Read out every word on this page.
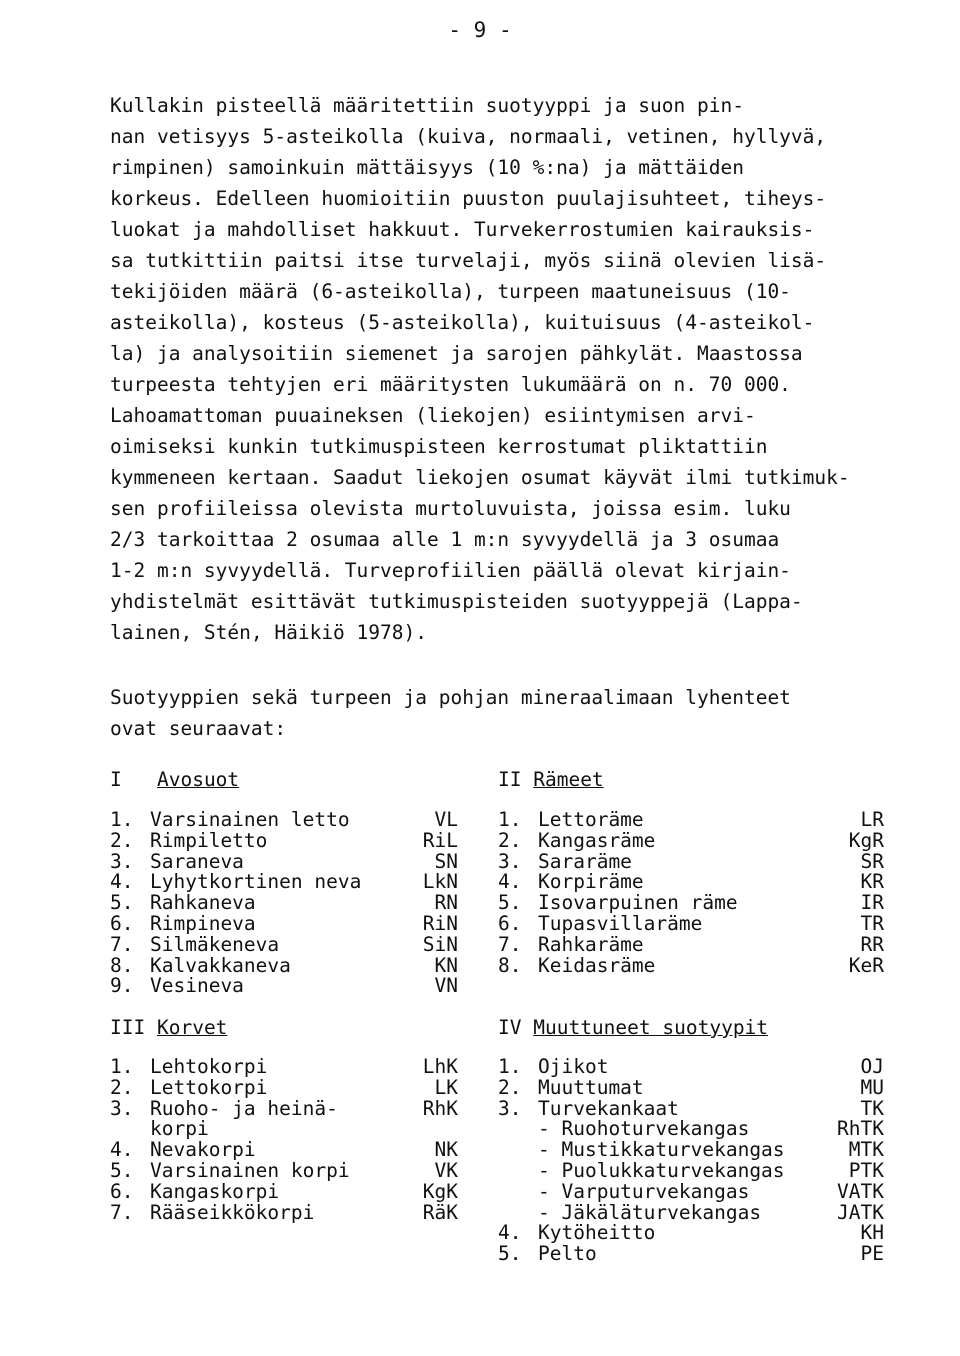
- 9 -

Kullakin pisteellä määritettiin suotyyppi ja suon pin-
nan vetisyys 5-asteikolla (kuiva, normaali, vetinen, hyllyvä,
rimpinen) samoinkuin mättäisyys (10 %:na) ja mättäiden
korkeus. Edelleen huomioitiin puuston puulajisuhteet, tiheys-
luokat ja mahdolliset hakkuut. Turvekerrostumien kairauksis-
sa tutkittiin paitsi itse turvelaji, myös siinä olevien lisä-
tekijöiden määrä (6-asteikolla), turpeen maatuneisuus (10-
asteikolla), kosteus (5-asteikolla), kuituisuus (4-asteikol-
la) ja analysoitiin siemenet ja sarojen pähkylät. Maastossa
turpeesta tehtyjen eri määritysten lukumäärä on n. 70 000.
Lahoamattoman puuaineksen (liekojen) esiintymisen arvi-
oimiseksi kunkin tutkimuspisteen kerrostumat pliktattiin
kymmeneen kertaan. Saadut liekojen osumat käyvät ilmi tutkimuk-
sen profiileissa olevista murtoluvuista, joissa esim. luku
2/3 tarkoittaa 2 osumaa alle 1 m:n syvyydellä ja 3 osumaa
1-2 m:n syvyydellä. Turveprofiilien päällä olevat kirjain-
yhdistelmät esittävät tutkimuspisteiden suotyyppejä (Lappa-
lainen, Stén, Häikiö 1978).

Suotyyppien sekä turpeen ja pohjan mineraalimaan lyhenteet
ovat seuraavat:

I Avosuot
1. Varsinainen letto	VL
2. Rimpiletto	RiL
3. Saraneva	SN
4. Lyhytkortinen neva	LkN
5. Rahkaneva	RN
6. Rimpineva	RiN
7. Silmäkeneva	SiN
8. Kalvakkaneva	KN
9. Vesineva	VN
II Rämeet
1. Lettoräme	LR
2. Kangasräme	KgR
3. Sararäme	SR
4. Korpiräme	KR
5. Isovarpuinen räme	IR
6. Tupasvillaräme	TR
7. Rahkaräme	RR
8. Keidasräme	KeR
III Korvet
1. Lehtokorpi	LhK
2. Lettokorpi	LK
3. Ruoho- ja heinä-	RhK
korpi
4. Nevakorpi	NK
5. Varsinainen korpi	VK
6. Kangaskorpi	KgK
7. Rääseikkökorpi	RäK
IV Muuttuneet suotyypit
1. Ojikot	OJ
2. Muuttumat	MU
3. Turvekankaat	TK
- Ruohoturvekangas	RhTK
- Mustikkaturvekangas	MTK
- Puolukkaturvekangas	PTK
- Varputurvekangas	VATK
- Jäkäläturvekangas	JATK
4. Kytöheitto	KH
5. Pelto	PE
